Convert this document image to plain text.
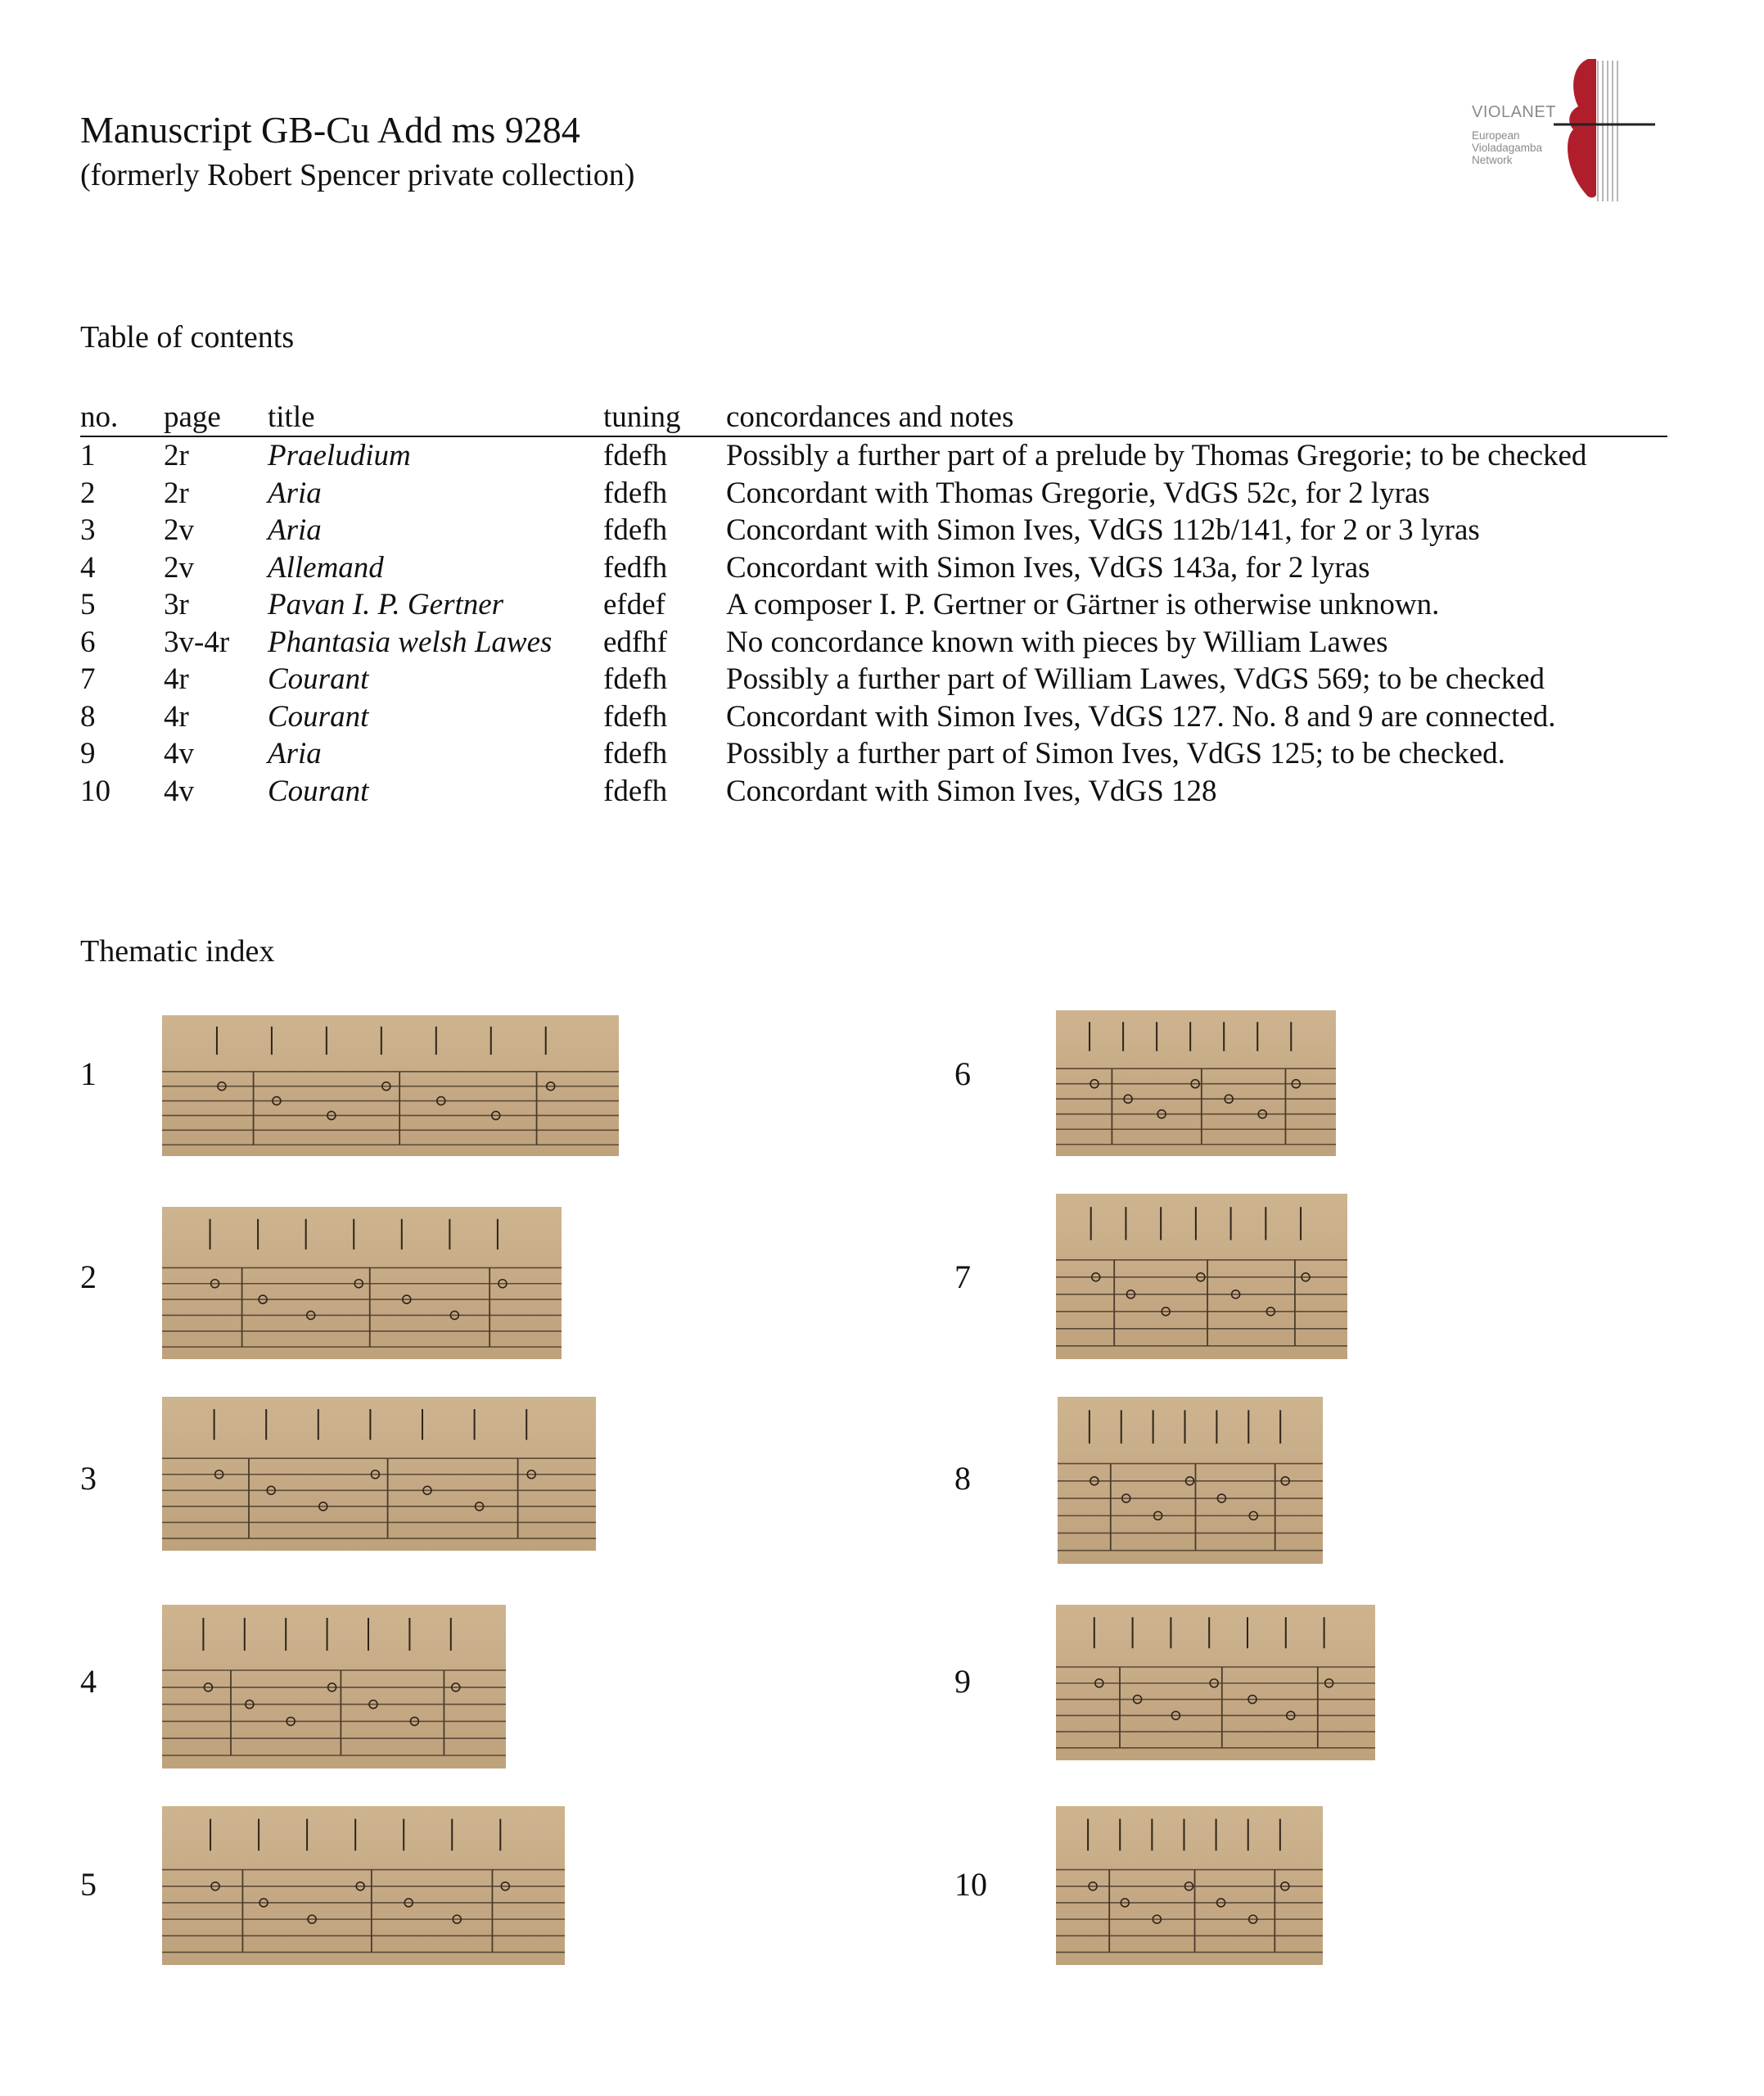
Manuscript GB-Cu Add ms 9284
(formerly Robert Spencer private collection)
VIOLANET
European
Violadagamba
Network
Table of contents
no.	page	title	tuning	concordances and notes
1	2r	Praeludium	fdefh	Possibly a further part of a prelude by Thomas Gregorie; to be checked
2	2r	Aria	fdefh	Concordant with Thomas Gregorie, VdGS 52c, for 2 lyras
3	2v	Aria	fdefh	Concordant with Simon Ives, VdGS 112b/141, for 2 or 3 lyras
4	2v	Allemand	fedfh	Concordant with Simon Ives, VdGS 143a, for 2 lyras
5	3r	Pavan I. P. Gertner	efdef	A composer I. P. Gertner or Gärtner is otherwise unknown.
6	3v-4r	Phantasia welsh Lawes	edfhf	No concordance known with pieces by William Lawes
7	4r	Courant	fdefh	Possibly a further part of William Lawes, VdGS 569; to be checked
8	4r	Courant	fdefh	Concordant with Simon Ives, VdGS 127. No. 8 and 9 are connected.
9	4v	Aria	fdefh	Possibly a further part of Simon Ives, VdGS 125; to be checked.
10	4v	Courant	fdefh	Concordant with Simon Ives, VdGS 128
Thematic index
1
2
3
4
5
6
7
8
9
10
